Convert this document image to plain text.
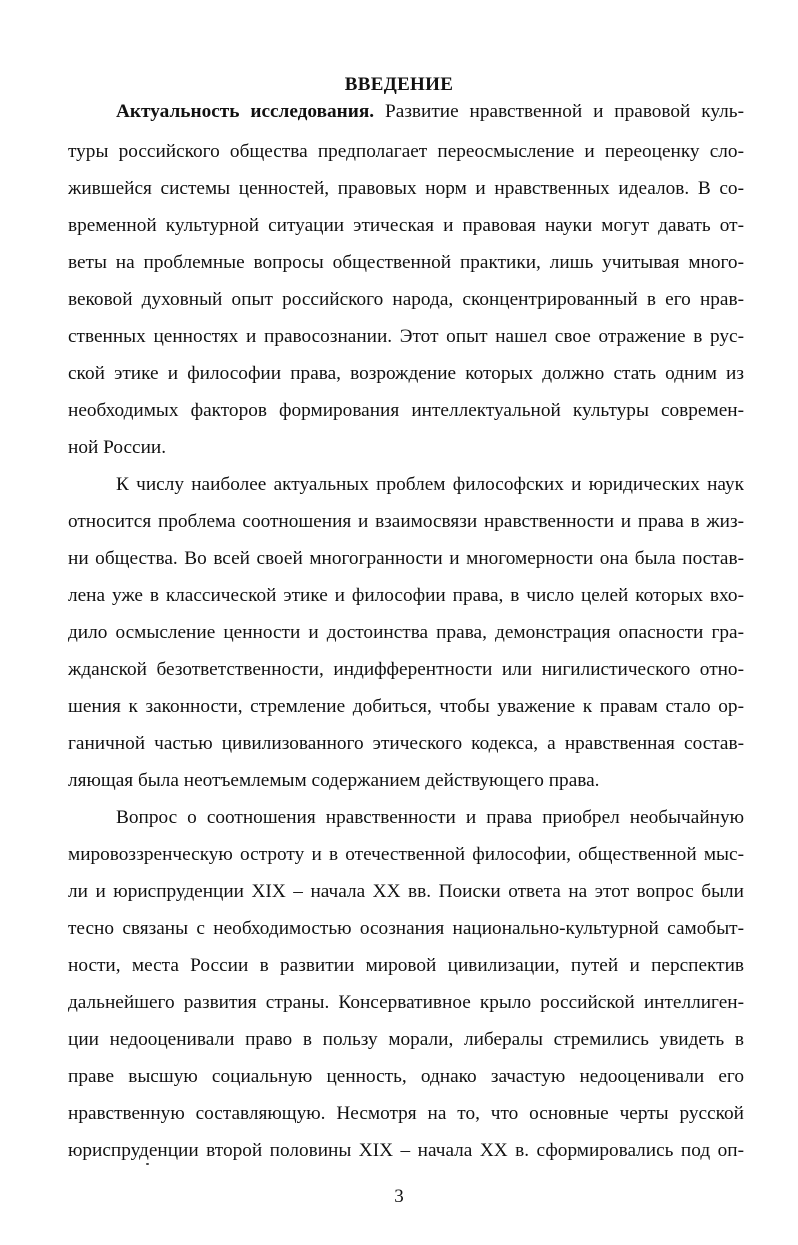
ВВЕДЕНИЕ
Актуальность исследования. Развитие нравственной и правовой куль-
туры российского общества предполагает переосмысление и переоценку сло-
жившейся системы ценностей, правовых норм и нравственных идеалов. В со-
временной культурной ситуации этическая и правовая науки могут давать от-
веты на проблемные вопросы общественной практики, лишь учитывая много-
вековой духовный опыт российского народа, сконцентрированный в его нрав-
ственных ценностях и правосознании. Этот опыт нашел свое отражение в рус-
ской этике и философии права, возрождение которых должно стать одним из
необходимых факторов формирования интеллектуальной культуры современ-
ной России.
К числу наиболее актуальных проблем философских и юридических наук
относится проблема соотношения и взаимосвязи нравственности и права в жиз-
ни общества. Во всей своей многогранности и многомерности она была постав-
лена уже в классической этике и философии права, в число целей которых вхо-
дило осмысление ценности и достоинства права, демонстрация опасности гра-
жданской безответственности, индифферентности или нигилистического отно-
шения к законности, стремление добиться, чтобы уважение к правам стало ор-
ганичной частью цивилизованного этического кодекса, а нравственная состав-
ляющая была неотъемлемым содержанием действующего права.
Вопрос о соотношения нравственности и права приобрел необычайную
мировоззренческую остроту и в отечественной философии, общественной мыс-
ли и юриспруденции XIX – начала XX вв. Поиски ответа на этот вопрос были
тесно связаны с необходимостью осознания национально-культурной самобыт-
ности, места России в развитии мировой цивилизации, путей и перспектив
дальнейшего развития страны. Консервативное крыло российской интеллиген-
ции недооценивали право в пользу морали, либералы стремились увидеть в
праве высшую социальную ценность, однако зачастую недооценивали его
нравственную составляющую. Несмотря на то, что основные черты русской
юриспруденции второй половины XIX – начала XX в. сформировались под оп-
3
